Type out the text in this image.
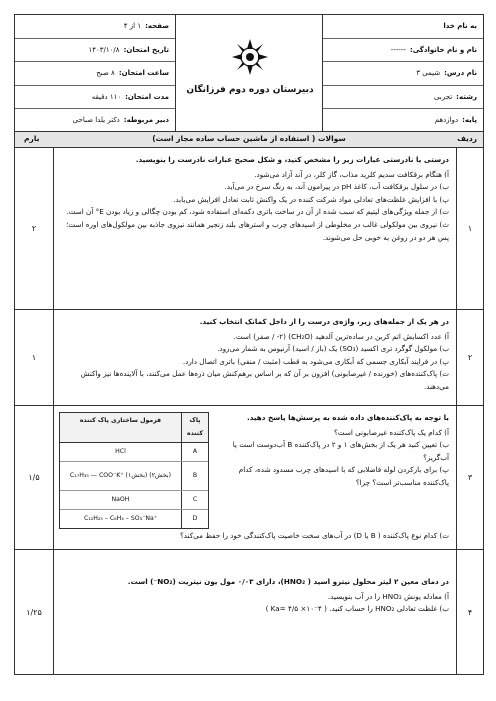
به نام خدا
نام و نام خانوادگی:------
نام درس:شیمی ۳
رشته:تجربی
پایه:دوازدهم
دبیرستان دوره دوم فرزانگان
صفحه:۱ از ۴
تاریخ امتحان:۱۴۰۳/۱۰/۸
ساعت امتحان:۸ صبح
مدت امتحان:۱۱۰ دقیقه
دبیر مربوطه:دکتر یلدا صباحی
ردیف
سوالات ( استفاده از ماشین حساب ساده مجاز است)
بارم
۱

درستی یا نادرستی عبارات زیر را مشخص کنید، و شکل صحیح عبارات نادرست را بنویسید.

آ) هنگام برقکافت سدیم کلرید مذاب، گاز کلر، در آند آزاد می‌شود.

ب) در سلول برقکافت آب، کاغذ pH در پیرامون آند، به رنگ سرخ در می‌آید.

پ) با افزایش غلظت‌های تعادلی مواد شرکت کننده در یک واکنش ثابت تعادل افزایش می‌یابد.

ت) از جمله ویژگی‌های لیتیم که سبب شده از آن در ساخت باتری دکمه‌ای استفاده شود، کم بودن چگالی و زیاد بودن E° آن است.

ث) نیروی بین مولکولی غالب در مخلوطی از اسیدهای چرب و استرهای بلند زنجیر همانند نیروی جاذبه بین مولکول‌های اوره است؛ پس هر دو در روغن به خوبی حل می‌شوند.

۲
۲

در هر یک از جمله‌های زیر، واژه‌ی درست را از داخل کمانک انتخاب کنید.

آ) عدد اکسایش اتم کربن در ساده‌ترین آلدهید (CH₂O) (۲- / صفر) است.

ب) مولکول گوگرد تری اکسید (SO₃) یک (باز / اسید) آرنیوس به شمار می‌رود.

پ) در فرایند آبکاری جسمی که آبکاری می‌شود به قطب (مثبت / منفی) باتری اتصال دارد.

ت) پاک‌کننده‌های (خورنده / غیرصابونی) افزون بر آن که بر اساس برهم‌کنش میان ذره‌ها عمل می‌کنند، با آلاینده‌ها نیز واکنش می‌دهند.

۱
۳
پاک کننده
فرمول ساختاری پاک کننده
A
HCl
B
C₁₇H₃₅ — COO⁻K⁺ (بخش۱) (بخش۲)
C
NaOH
D
C₁₂H₂₅ – C₆H₄ – SO₃⁻Na⁺

با توجه به پاک‌کننده‌های داده شده به پرسش‌ها پاسخ دهید.

آ) کدام یک پاک‌کننده غیرصابونی است؟

ب) تعیین کنید هر یک از بخش‌های ۱ و ۲ در پاک‌کننده B آب‌دوست است یا آب‌گریز؟

پ) برای بازکردن لوله فاضلابی که با اسیدهای چرب مسدود شده، کدام پاک‌کننده مناسب‌تر است؟ چرا؟

ت) کدام نوع پاک‌کننده ( B یا D) در آب‌های سخت خاصیت پاک‌کنندگی خود را حفظ می‌کند؟

۱/۵
۴

در دمای معین ۲ لیتر محلول نیترو اسید ( HNO₂)، دارای ۰/۰۳ مول یون نیتریت (NO₂⁻) است.

آ) معادله یونش HNO₂ را در آب بنویسید.

ب) غلظت تعادلی HNO₂ را حساب کنید. ( Ka= ۴/۵ ×۱۰⁻۴ )

۱/۲۵
